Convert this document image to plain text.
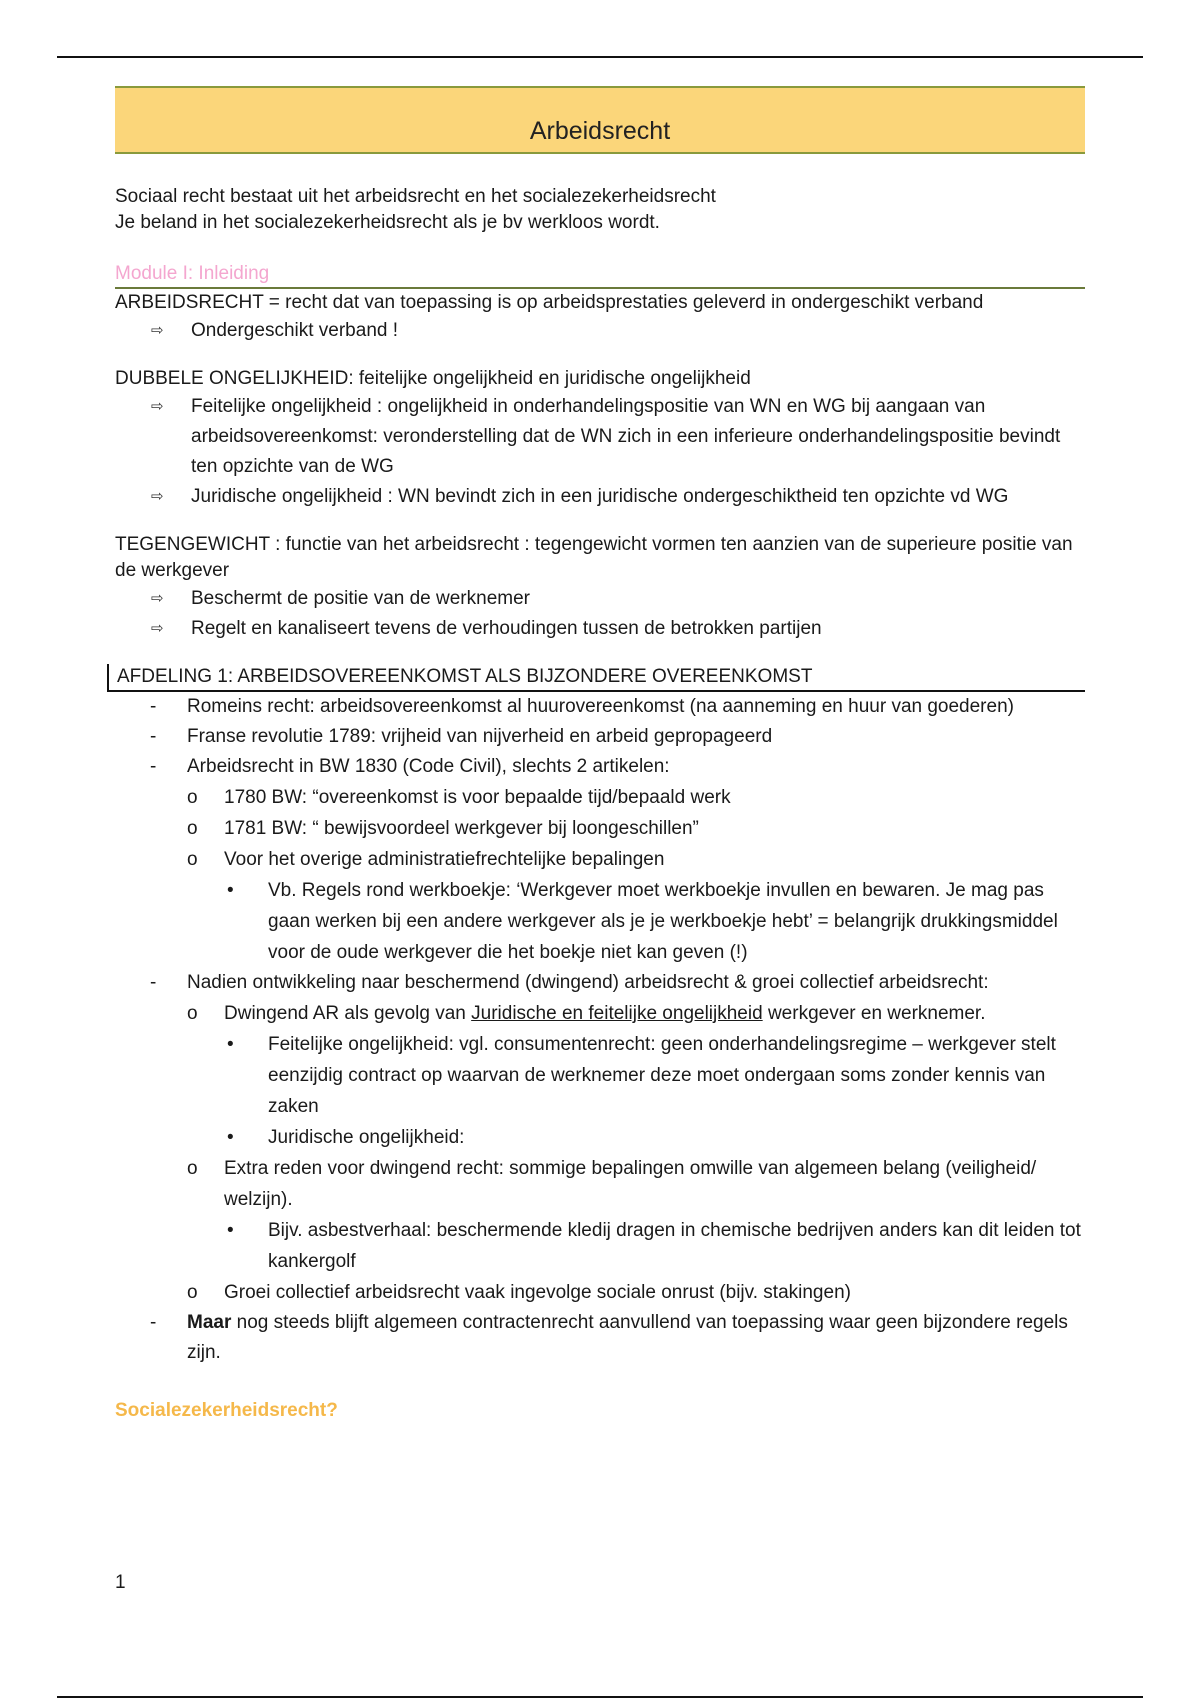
Arbeidsrecht

Sociaal recht bestaat uit het arbeidsrecht en het socialezekerheidsrecht

Je beland in het socialezekerheidsrecht als je bv werkloos wordt.

Module I: Inleiding

ARBEIDSRECHT = recht dat van toepassing is op arbeidsprestaties geleverd in ondergeschikt verband

⇨	Ondergeschikt verband !

DUBBELE ONGELIJKHEID: feitelijke ongelijkheid en juridische ongelijkheid

⇨	Feitelijke ongelijkheid : ongelijkheid in onderhandelingspositie van WN en WG bij aangaan van arbeidsovereenkomst: veronderstelling dat de WN zich in een inferieure onderhandelingspositie bevindt ten opzichte van de WG
⇨	Juridische ongelijkheid : WN bevindt zich in een juridische ondergeschiktheid ten opzichte vd WG

TEGENGEWICHT : functie van het arbeidsrecht : tegengewicht vormen ten aanzien van de superieure positie van de werkgever

⇨	Beschermt de positie van de werknemer
⇨	Regelt en kanaliseert tevens de verhoudingen tussen de betrokken partijen
AFDELING 1: ARBEIDSOVEREENKOMST ALS BIJZONDERE OVEREENKOMST
-	Romeins recht: arbeidsovereenkomst al huurovereenkomst (na aanneming en huur van goederen)
-	Franse revolutie 1789: vrijheid van nijverheid en arbeid gepropageerd
-	Arbeidsrecht in BW 1830 (Code Civil), slechts 2 artikelen:
o	1780 BW: “overeenkomst is voor bepaalde tijd/bepaald werk
o	1781 BW: “ bewijsvoordeel werkgever bij loongeschillen”
o	Voor het overige administratiefrechtelijke bepalingen
•	Vb. Regels rond werkboekje: ‘Werkgever moet werkboekje invullen en bewaren. Je mag pas gaan werken bij een andere werkgever als je je werkboekje hebt’ = belangrijk drukkingsmiddel voor de oude werkgever die het boekje niet kan geven (!)
-	Nadien ontwikkeling naar beschermend (dwingend) arbeidsrecht & groei collectief arbeidsrecht:
o	Dwingend AR als gevolg van Juridische en feitelijke ongelijkheid werkgever en werknemer.
•	Feitelijke ongelijkheid: vgl. consumentenrecht: geen onderhandelingsregime – werkgever stelt eenzijdig contract op waarvan de werknemer deze moet ondergaan soms zonder kennis van zaken
•	Juridische ongelijkheid:
o	Extra reden voor dwingend recht: sommige bepalingen omwille van algemeen belang (veiligheid/ welzijn).
•	Bijv. asbestverhaal: beschermende kledij dragen in chemische bedrijven anders kan dit leiden tot kankergolf
o	Groei collectief arbeidsrecht vaak ingevolge sociale onrust (bijv. stakingen)
-	Maar nog steeds blijft algemeen contractenrecht aanvullend van toepassing waar geen bijzondere regels zijn.
Socialezekerheidsrecht?
1
